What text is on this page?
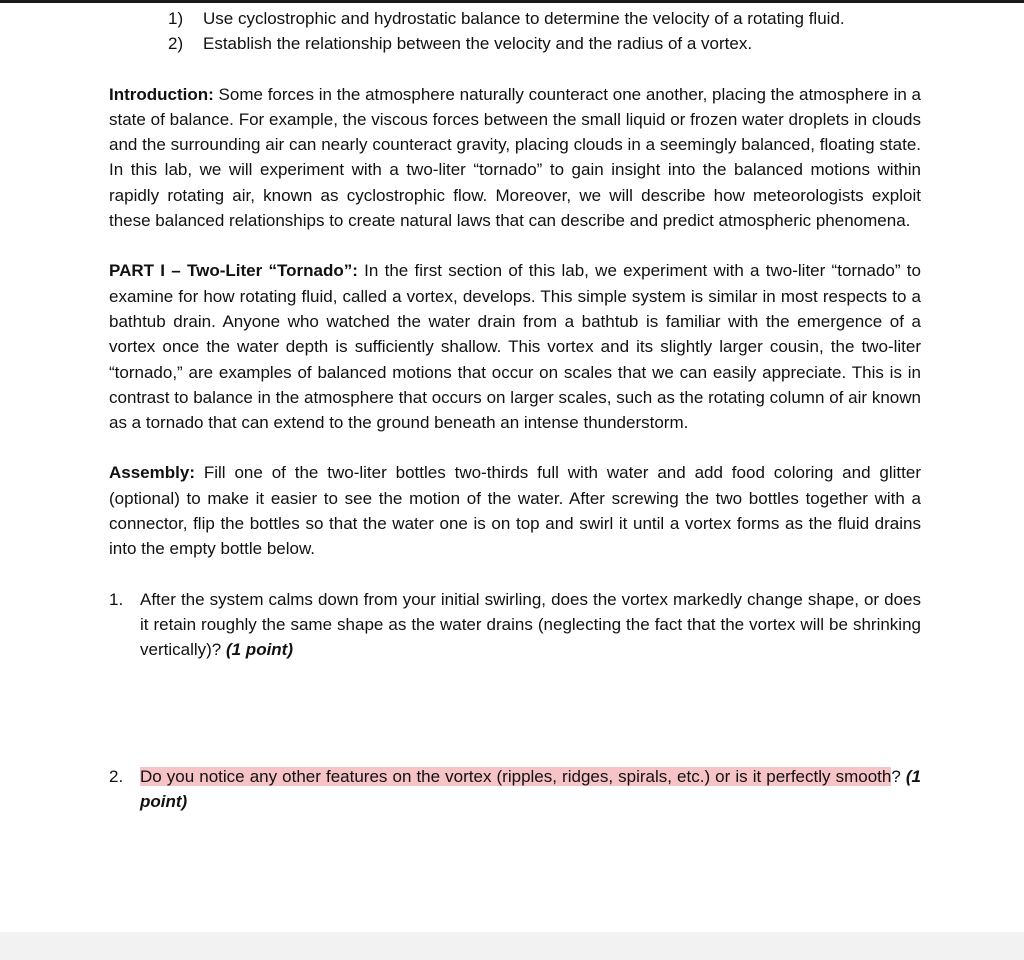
1) Use cyclostrophic and hydrostatic balance to determine the velocity of a rotating fluid.
2) Establish the relationship between the velocity and the radius of a vortex.

Introduction: Some forces in the atmosphere naturally counteract one another, placing the atmosphere in a state of balance. For example, the viscous forces between the small liquid or frozen water droplets in clouds and the surrounding air can nearly counteract gravity, placing clouds in a seemingly balanced, floating state. In this lab, we will experiment with a two-liter “tornado” to gain insight into the balanced motions within rapidly rotating air, known as cyclostrophic flow. Moreover, we will describe how meteorologists exploit these balanced relationships to create natural laws that can describe and predict atmospheric phenomena.

PART I – Two-Liter “Tornado”: In the first section of this lab, we experiment with a two-liter “tornado” to examine for how rotating fluid, called a vortex, develops. This simple system is similar in most respects to a bathtub drain. Anyone who watched the water drain from a bathtub is familiar with the emergence of a vortex once the water depth is sufficiently shallow. This vortex and its slightly larger cousin, the two-liter “tornado,” are examples of balanced motions that occur on scales that we can easily appreciate. This is in contrast to balance in the atmosphere that occurs on larger scales, such as the rotating column of air known as a tornado that can extend to the ground beneath an intense thunderstorm.

Assembly: Fill one of the two-liter bottles two-thirds full with water and add food coloring and glitter (optional) to make it easier to see the motion of the water. After screwing the two bottles together with a connector, flip the bottles so that the water one is on top and swirl it until a vortex forms as the fluid drains into the empty bottle below.

1. After the system calms down from your initial swirling, does the vortex markedly change shape, or does it retain roughly the same shape as the water drains (neglecting the fact that the vortex will be shrinking vertically)? (1 point)
2. Do you notice any other features on the vortex (ripples, ridges, spirals, etc.) or is it perfectly smooth? (1 point)
